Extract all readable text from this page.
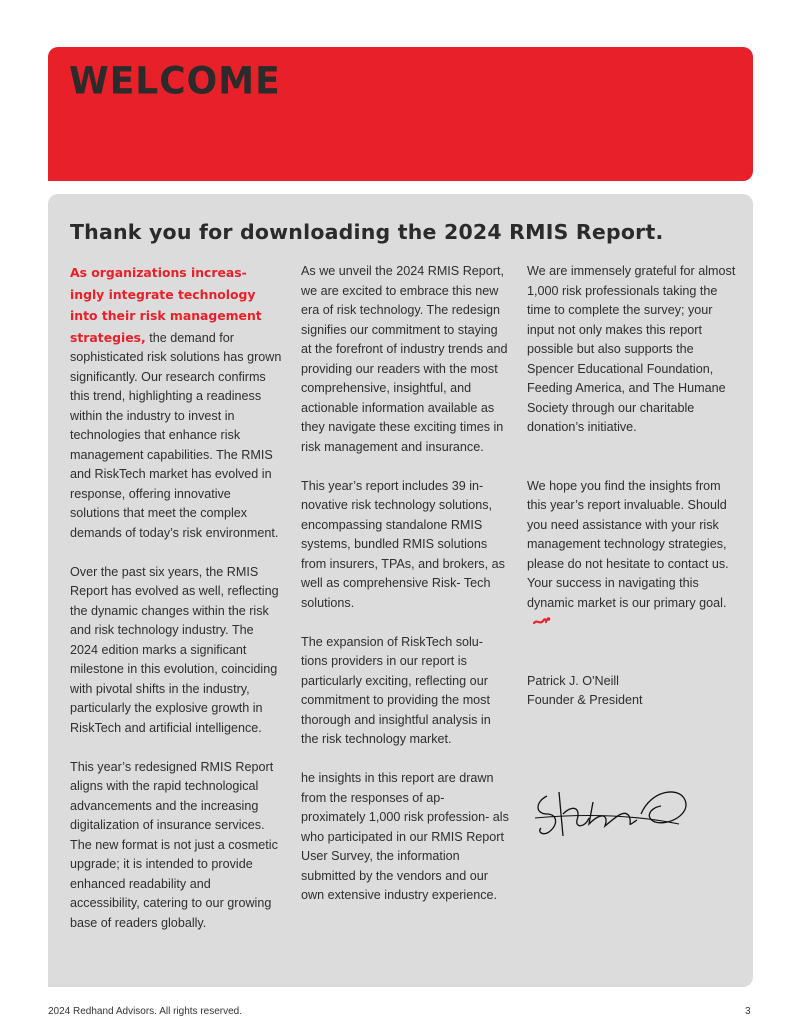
WELCOME
Thank you for downloading the 2024 RMIS Report.

As organizations increas- ingly integrate technology into their risk management strategies, the demand for sophisticated risk solutions has grown significantly. Our research confirms this trend, highlighting a readiness within the industry to invest in technologies that enhance risk management capabilities. The RMIS and RiskTech market has evolved in response, offering innovative solutions that meet the complex demands of today’s risk environment.

Over the past six years, the RMIS Report has evolved as well, reflecting the dynamic changes within the risk and risk technology industry. The 2024 edition marks a significant milestone in this evolution, coinciding with pivotal shifts in the industry, particularly the explosive growth in RiskTech and artificial intelligence.

This year’s redesigned RMIS Report aligns with the rapid technological advancements and the increasing digitalization of insurance services. The new format is not just a cosmetic upgrade; it is intended to provide enhanced readability and accessibility, catering to our growing base of readers globally.

As we unveil the 2024 RMIS Report, we are excited to embrace this new era of risk technology. The redesign signifies our commitment to staying at the forefront of industry trends and providing our readers with the most comprehensive, insightful, and actionable information available as they navigate these exciting times in risk management and insurance.

This year’s report includes 39 in- novative risk technology solutions, encompassing standalone RMIS systems, bundled RMIS solutions from insurers, TPAs, and brokers, as well as comprehensive Risk- Tech solutions.

The expansion of RiskTech solu- tions providers in our report is particularly exciting, reflecting our commitment to providing the most thorough and insightful analysis in the risk technology market.

he insights in this report are drawn from the responses of ap- proximately 1,000 risk profession- als who participated in our RMIS Report User Survey, the information submitted by the vendors and our own extensive industry experience.

We are immensely grateful for almost 1,000 risk professionals taking the time to complete the survey; your input not only makes this report possible but also supports the Spencer Educational Foundation, Feeding America, and The Humane Society through our charitable donation’s initiative.

We hope you find the insights from this year’s report invaluable. Should you need assistance with your risk management technology strategies, please do not hesitate to contact us. Your success in navigating this dynamic market is our primary goal.

Patrick J. O'Neill
Founder & President
2024 Redhand Advisors. All rights reserved.	3
